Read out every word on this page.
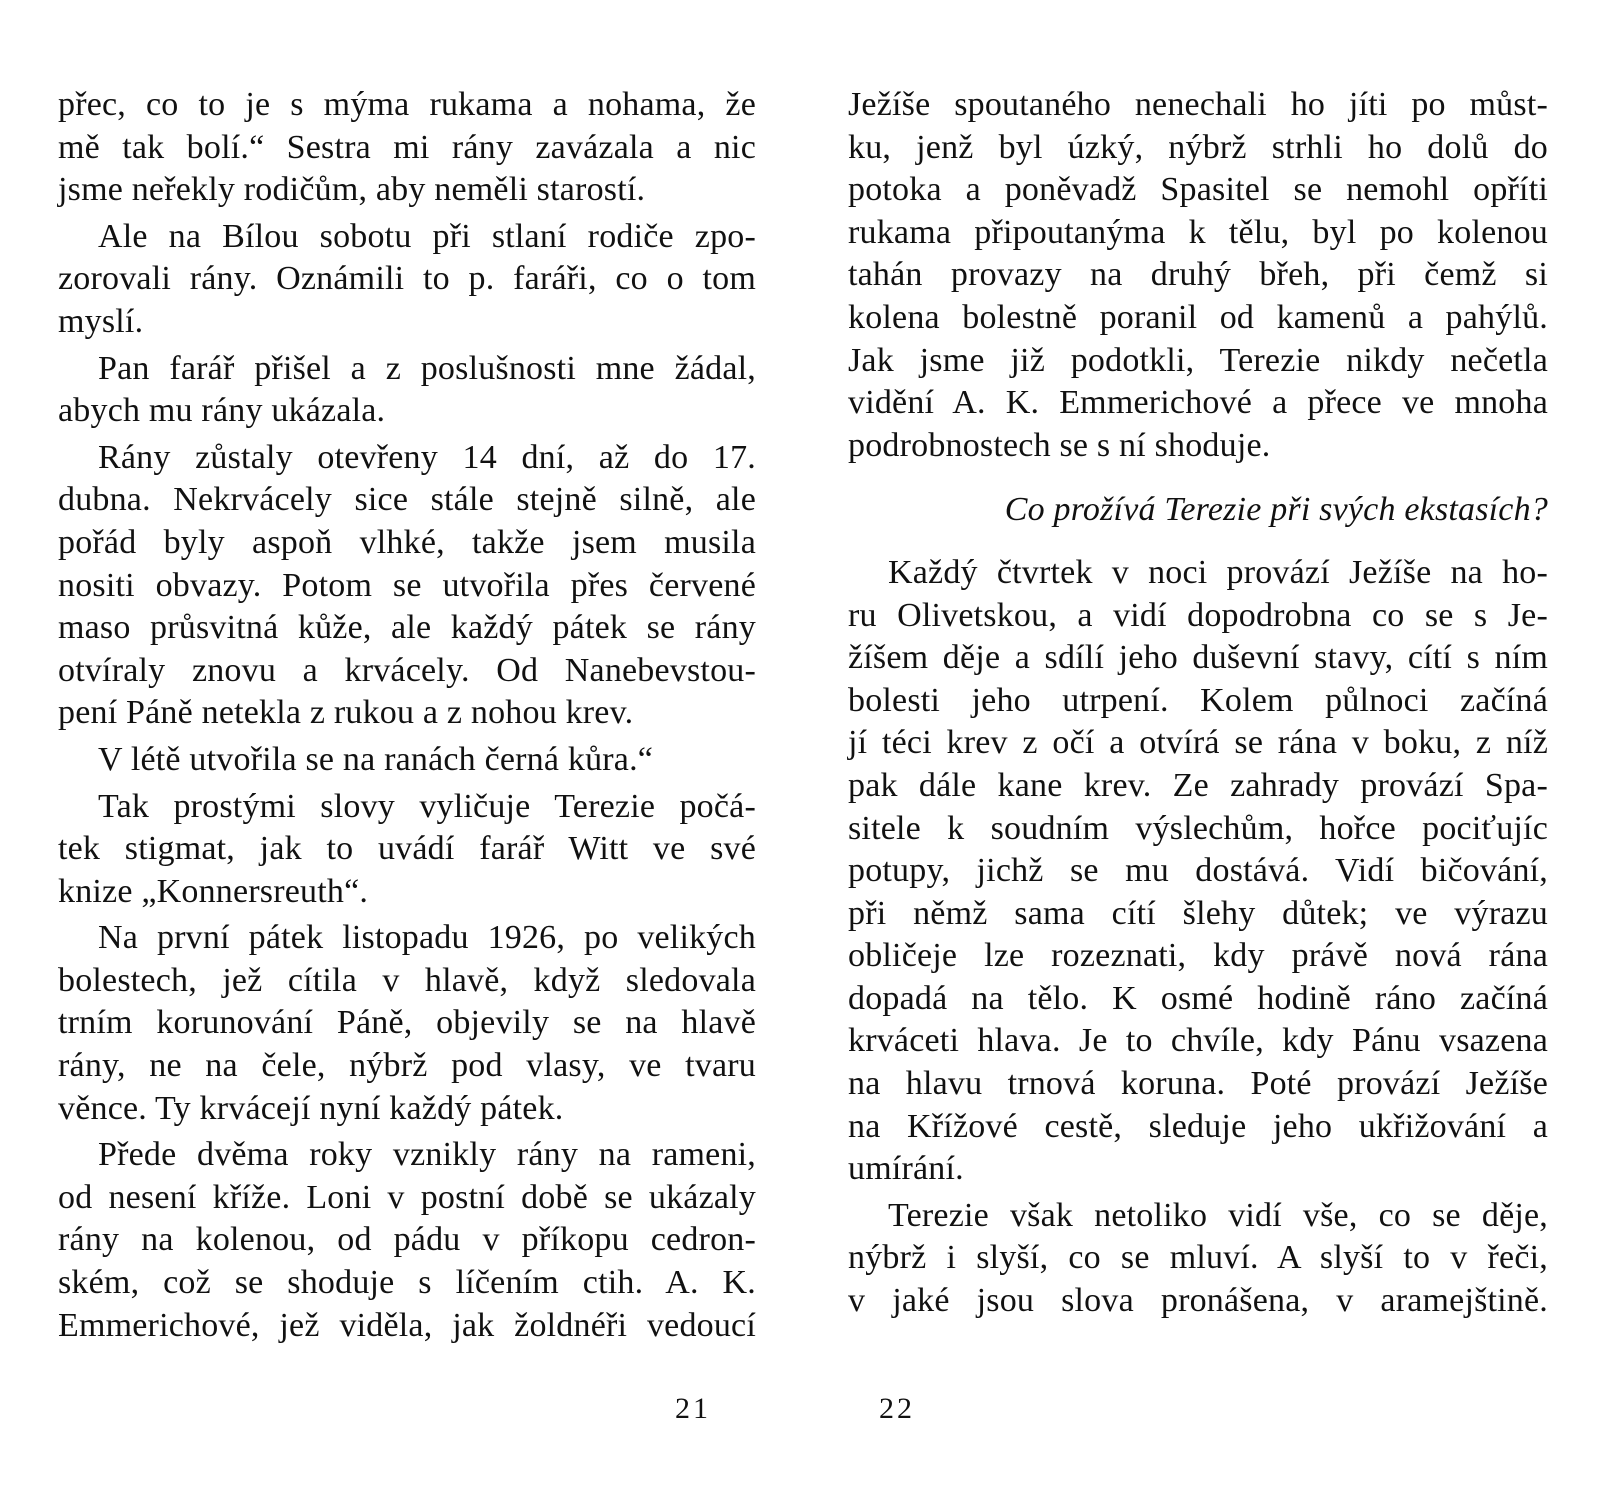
přec, co to je s mýma rukama a nohama, že
mě tak bolí.“ Sestra mi rány zavázala a nic
jsme neřekly rodičům, aby neměli starostí.
Ale na Bílou sobotu při stlaní rodiče zpo-
zorovali rány. Oznámili to p. faráři, co o tom
myslí.
Pan farář přišel a z poslušnosti mne žádal,
abych mu rány ukázala.
Rány zůstaly otevřeny 14 dní, až do 17.
dubna. Nekrvácely sice stále stejně silně, ale
pořád byly aspoň vlhké, takže jsem musila
nositi obvazy. Potom se utvořila přes červené
maso průsvitná kůže, ale každý pátek se rány
otvíraly znovu a krvácely. Od Nanebevstou-
pení Páně netekla z rukou a z nohou krev.
V létě utvořila se na ranách černá kůra.“
Tak prostými slovy vyličuje Terezie počá-
tek stigmat, jak to uvádí farář Witt ve své
knize „Konnersreuth“.
Na první pátek listopadu 1926, po velikých
bolestech, jež cítila v hlavě, když sledovala
trním korunování Páně, objevily se na hlavě
rány, ne na čele, nýbrž pod vlasy, ve tvaru
věnce. Ty krvácejí nyní každý pátek.
Přede dvěma roky vznikly rány na rameni,
od nesení kříže. Loni v postní době se ukázaly
rány na kolenou, od pádu v příkopu cedron-
ském, což se shoduje s líčením ctih. A. K.
Emmerichové, jež viděla, jak žoldnéři vedoucí
21
Ježíše spoutaného nenechali ho jíti po můst-
ku, jenž byl úzký, nýbrž strhli ho dolů do
potoka a poněvadž Spasitel se nemohl opříti
rukama připoutanýma k tělu, byl po kolenou
tahán provazy na druhý břeh, při čemž si
kolena bolestně poranil od kamenů a pahýlů.
Jak jsme již podotkli, Terezie nikdy nečetla
vidění A. K. Emmerichové a přece ve mnoha
podrobnostech se s ní shoduje.
Co prožívá Terezie při svých ekstasích?
Každý čtvrtek v noci provází Ježíše na ho-
ru Olivetskou, a vidí dopodrobna co se s Je-
žíšem děje a sdílí jeho duševní stavy, cítí s ním
bolesti jeho utrpení. Kolem půlnoci začíná
jí téci krev z očí a otvírá se rána v boku, z níž
pak dále kane krev. Ze zahrady provází Spa-
sitele k soudním výslechům, hořce pociťujíc
potupy, jichž se mu dostává. Vidí bičování,
při němž sama cítí šlehy důtek; ve výrazu
obličeje lze rozeznati, kdy právě nová rána
dopadá na tělo. K osmé hodině ráno začíná
krváceti hlava. Je to chvíle, kdy Pánu vsazena
na hlavu trnová koruna. Poté provází Ježíše
na Křížové cestě, sleduje jeho ukřižování a
umírání.
Terezie však netoliko vidí vše, co se děje,
nýbrž i slyší, co se mluví. A slyší to v řeči,
v jaké jsou slova pronášena, v aramejštině.
22
